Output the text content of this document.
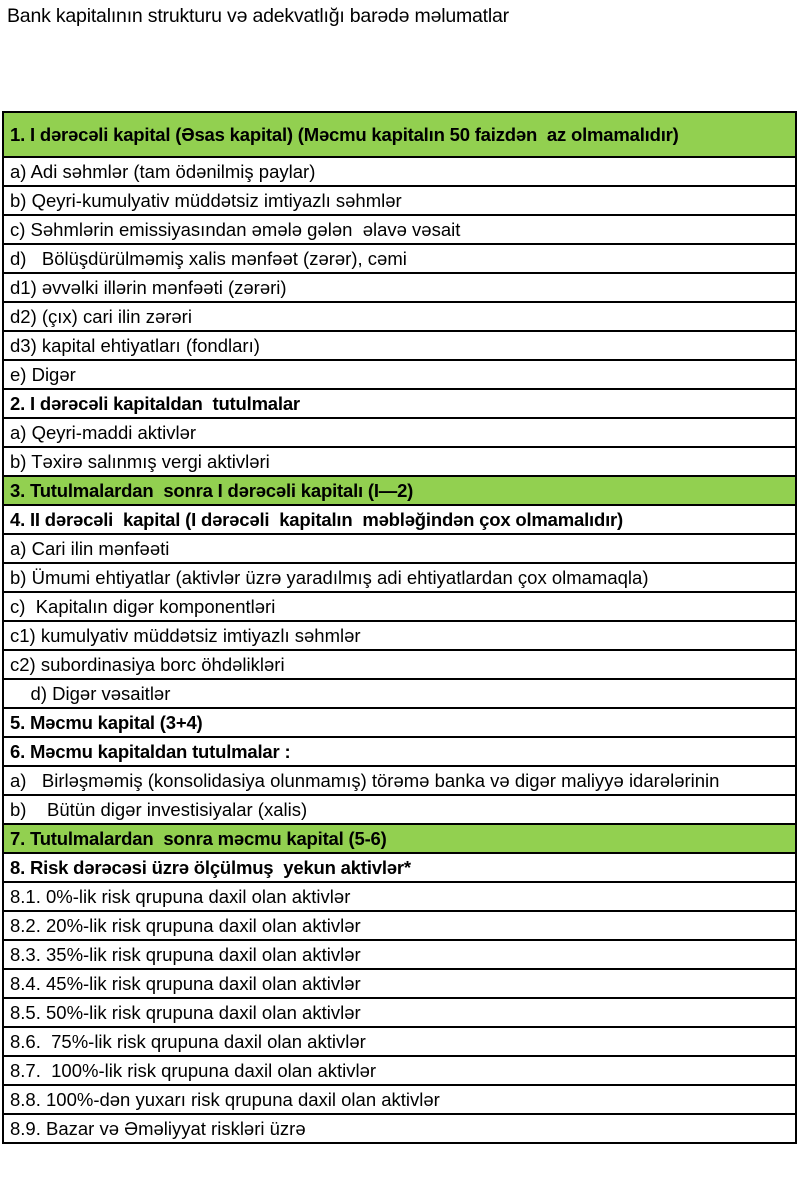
Bank kapitalının strukturu və adekvatlığı barədə məlumatlar
1. I dərəcəli kapital (Əsas kapital) (Məcmu kapitalın 50 faizdən  az olmamalıdır)
a) Adi səhmlər (tam ödənilmiş paylar)
b) Qeyri-kumulyativ müddətsiz imtiyazlı səhmlər
c) Səhmlərin emissiyasından əmələ gələn  əlavə vəsait
d)   Bölüşdürülməmiş xalis mənfəət (zərər), cəmi
d1) əvvəlki illərin mənfəəti (zərəri)
d2) (çıx) cari ilin zərəri
d3) kapital ehtiyatları (fondları)
e) Digər
2. I dərəcəli kapitaldan  tutulmalar
a) Qeyri-maddi aktivlər
b) Təxirə salınmış vergi aktivləri
3. Tutulmalardan  sonra I dərəcəli kapitalı (I—2)
4. II dərəcəli  kapital (I dərəcəli  kapitalın  məbləğindən çox olmamalıdır)
a) Cari ilin mənfəəti
b) Ümumi ehtiyatlar (aktivlər üzrə yaradılmış adi ehtiyatlardan çox olmamaqla)
c)  Kapitalın digər komponentləri
c1) kumulyativ müddətsiz imtiyazlı səhmlər
c2) subordinasiya borc öhdəlikləri
d) Digər vəsaitlər
5. Məcmu kapital (3+4)
6. Məcmu kapitaldan tutulmalar :
a)   Birləşməmiş (konsolidasiya olunmamış) törəmə banka və digər maliyyə idarələrinin
b)    Bütün digər investisiyalar (xalis)
7. Tutulmalardan  sonra məcmu kapital (5-6)
8. Risk dərəcəsi üzrə ölçülmuş  yekun aktivlər*
8.1. 0%-lik risk qrupuna daxil olan aktivlər
8.2. 20%-lik risk qrupuna daxil olan aktivlər
8.3. 35%-lik risk qrupuna daxil olan aktivlər
8.4. 45%-lik risk qrupuna daxil olan aktivlər
8.5. 50%-lik risk qrupuna daxil olan aktivlər
8.6.  75%-lik risk qrupuna daxil olan aktivlər
8.7.  100%-lik risk qrupuna daxil olan aktivlər
8.8. 100%-dən yuxarı risk qrupuna daxil olan aktivlər
8.9. Bazar və Əməliyyat riskləri üzrə
